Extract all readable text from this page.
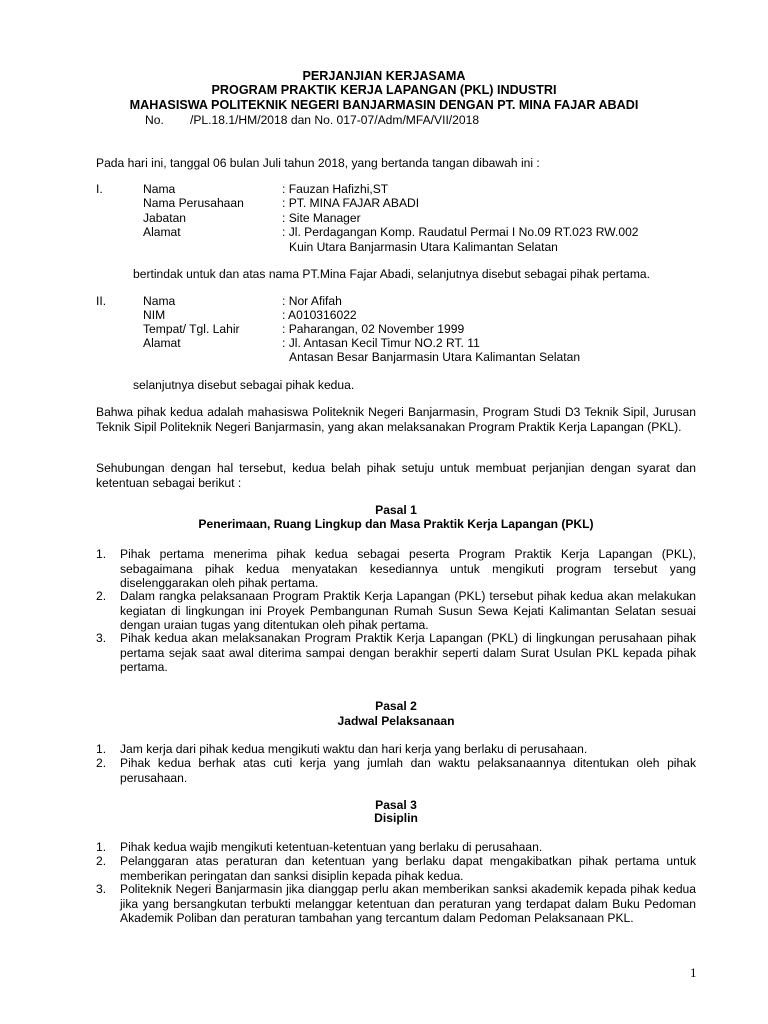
PERJANJIAN KERJASAMA
PROGRAM PRAKTIK KERJA LAPANGAN (PKL) INDUSTRI
MAHASISWA POLITEKNIK NEGERI BANJARMASIN DENGAN PT. MINA FAJAR ABADI
No. /PL.18.1/HM/2018 dan No. 017-07/Adm/MFA/VII/2018
Pada hari ini, tanggal 06 bulan Juli tahun 2018, yang bertanda tangan dibawah ini :
I.	Nama	: Fauzan Hafizhi,ST
Nama Perusahaan	: PT. MINA FAJAR ABADI
Jabatan	: Site Manager
Alamat	: Jl. Perdagangan Komp. Raudatul Permai I No.09 RT.023 RW.002
Kuin Utara Banjarmasin Utara Kalimantan Selatan
bertindak untuk dan atas nama PT.Mina Fajar Abadi, selanjutnya disebut sebagai pihak pertama.
II.	Nama	: Nor Afifah
NIM	: A010316022
Tempat/ Tgl. Lahir	: Paharangan, 02 November 1999
Alamat	: Jl. Antasan Kecil Timur NO.2 RT. 11
Antasan Besar Banjarmasin Utara Kalimantan Selatan
selanjutnya disebut sebagai pihak kedua.
Bahwa pihak kedua adalah mahasiswa Politeknik Negeri Banjarmasin, Program Studi D3 Teknik Sipil, Jurusan Teknik Sipil Politeknik Negeri Banjarmasin, yang akan melaksanakan Program Praktik Kerja Lapangan (PKL).
Sehubungan dengan hal tersebut, kedua belah pihak setuju untuk membuat perjanjian dengan syarat dan ketentuan sebagai berikut :
Pasal 1
Penerimaan, Ruang Lingkup dan Masa Praktik Kerja Lapangan (PKL)
1. Pihak pertama menerima pihak kedua sebagai peserta Program Praktik Kerja Lapangan (PKL), sebagaimana pihak kedua menyatakan kesediannya untuk mengikuti program tersebut yang diselenggarakan oleh pihak pertama.
2. Dalam rangka pelaksanaan Program Praktik Kerja Lapangan (PKL) tersebut pihak kedua akan melakukan kegiatan di lingkungan ini Proyek Pembangunan Rumah Susun Sewa Kejati Kalimantan Selatan sesuai dengan uraian tugas yang ditentukan oleh pihak pertama.
3. Pihak kedua akan melaksanakan Program Praktik Kerja Lapangan (PKL) di lingkungan perusahaan pihak pertama sejak saat awal diterima sampai dengan berakhir seperti dalam Surat Usulan PKL kepada pihak pertama.
Pasal 2
Jadwal Pelaksanaan
1. Jam kerja dari pihak kedua mengikuti waktu dan hari kerja yang berlaku di perusahaan.
2. Pihak kedua berhak atas cuti kerja yang jumlah dan waktu pelaksanaannya ditentukan oleh pihak perusahaan.
Pasal 3
Disiplin
1. Pihak kedua wajib mengikuti ketentuan-ketentuan yang berlaku di perusahaan.
2. Pelanggaran atas peraturan dan ketentuan yang berlaku dapat mengakibatkan pihak pertama untuk memberikan peringatan dan sanksi disiplin kepada pihak kedua.
3. Politeknik Negeri Banjarmasin jika dianggap perlu akan memberikan sanksi akademik kepada pihak kedua jika yang bersangkutan terbukti melanggar ketentuan dan peraturan yang terdapat dalam Buku Pedoman Akademik Poliban dan peraturan tambahan yang tercantum dalam Pedoman Pelaksanaan PKL.
1
